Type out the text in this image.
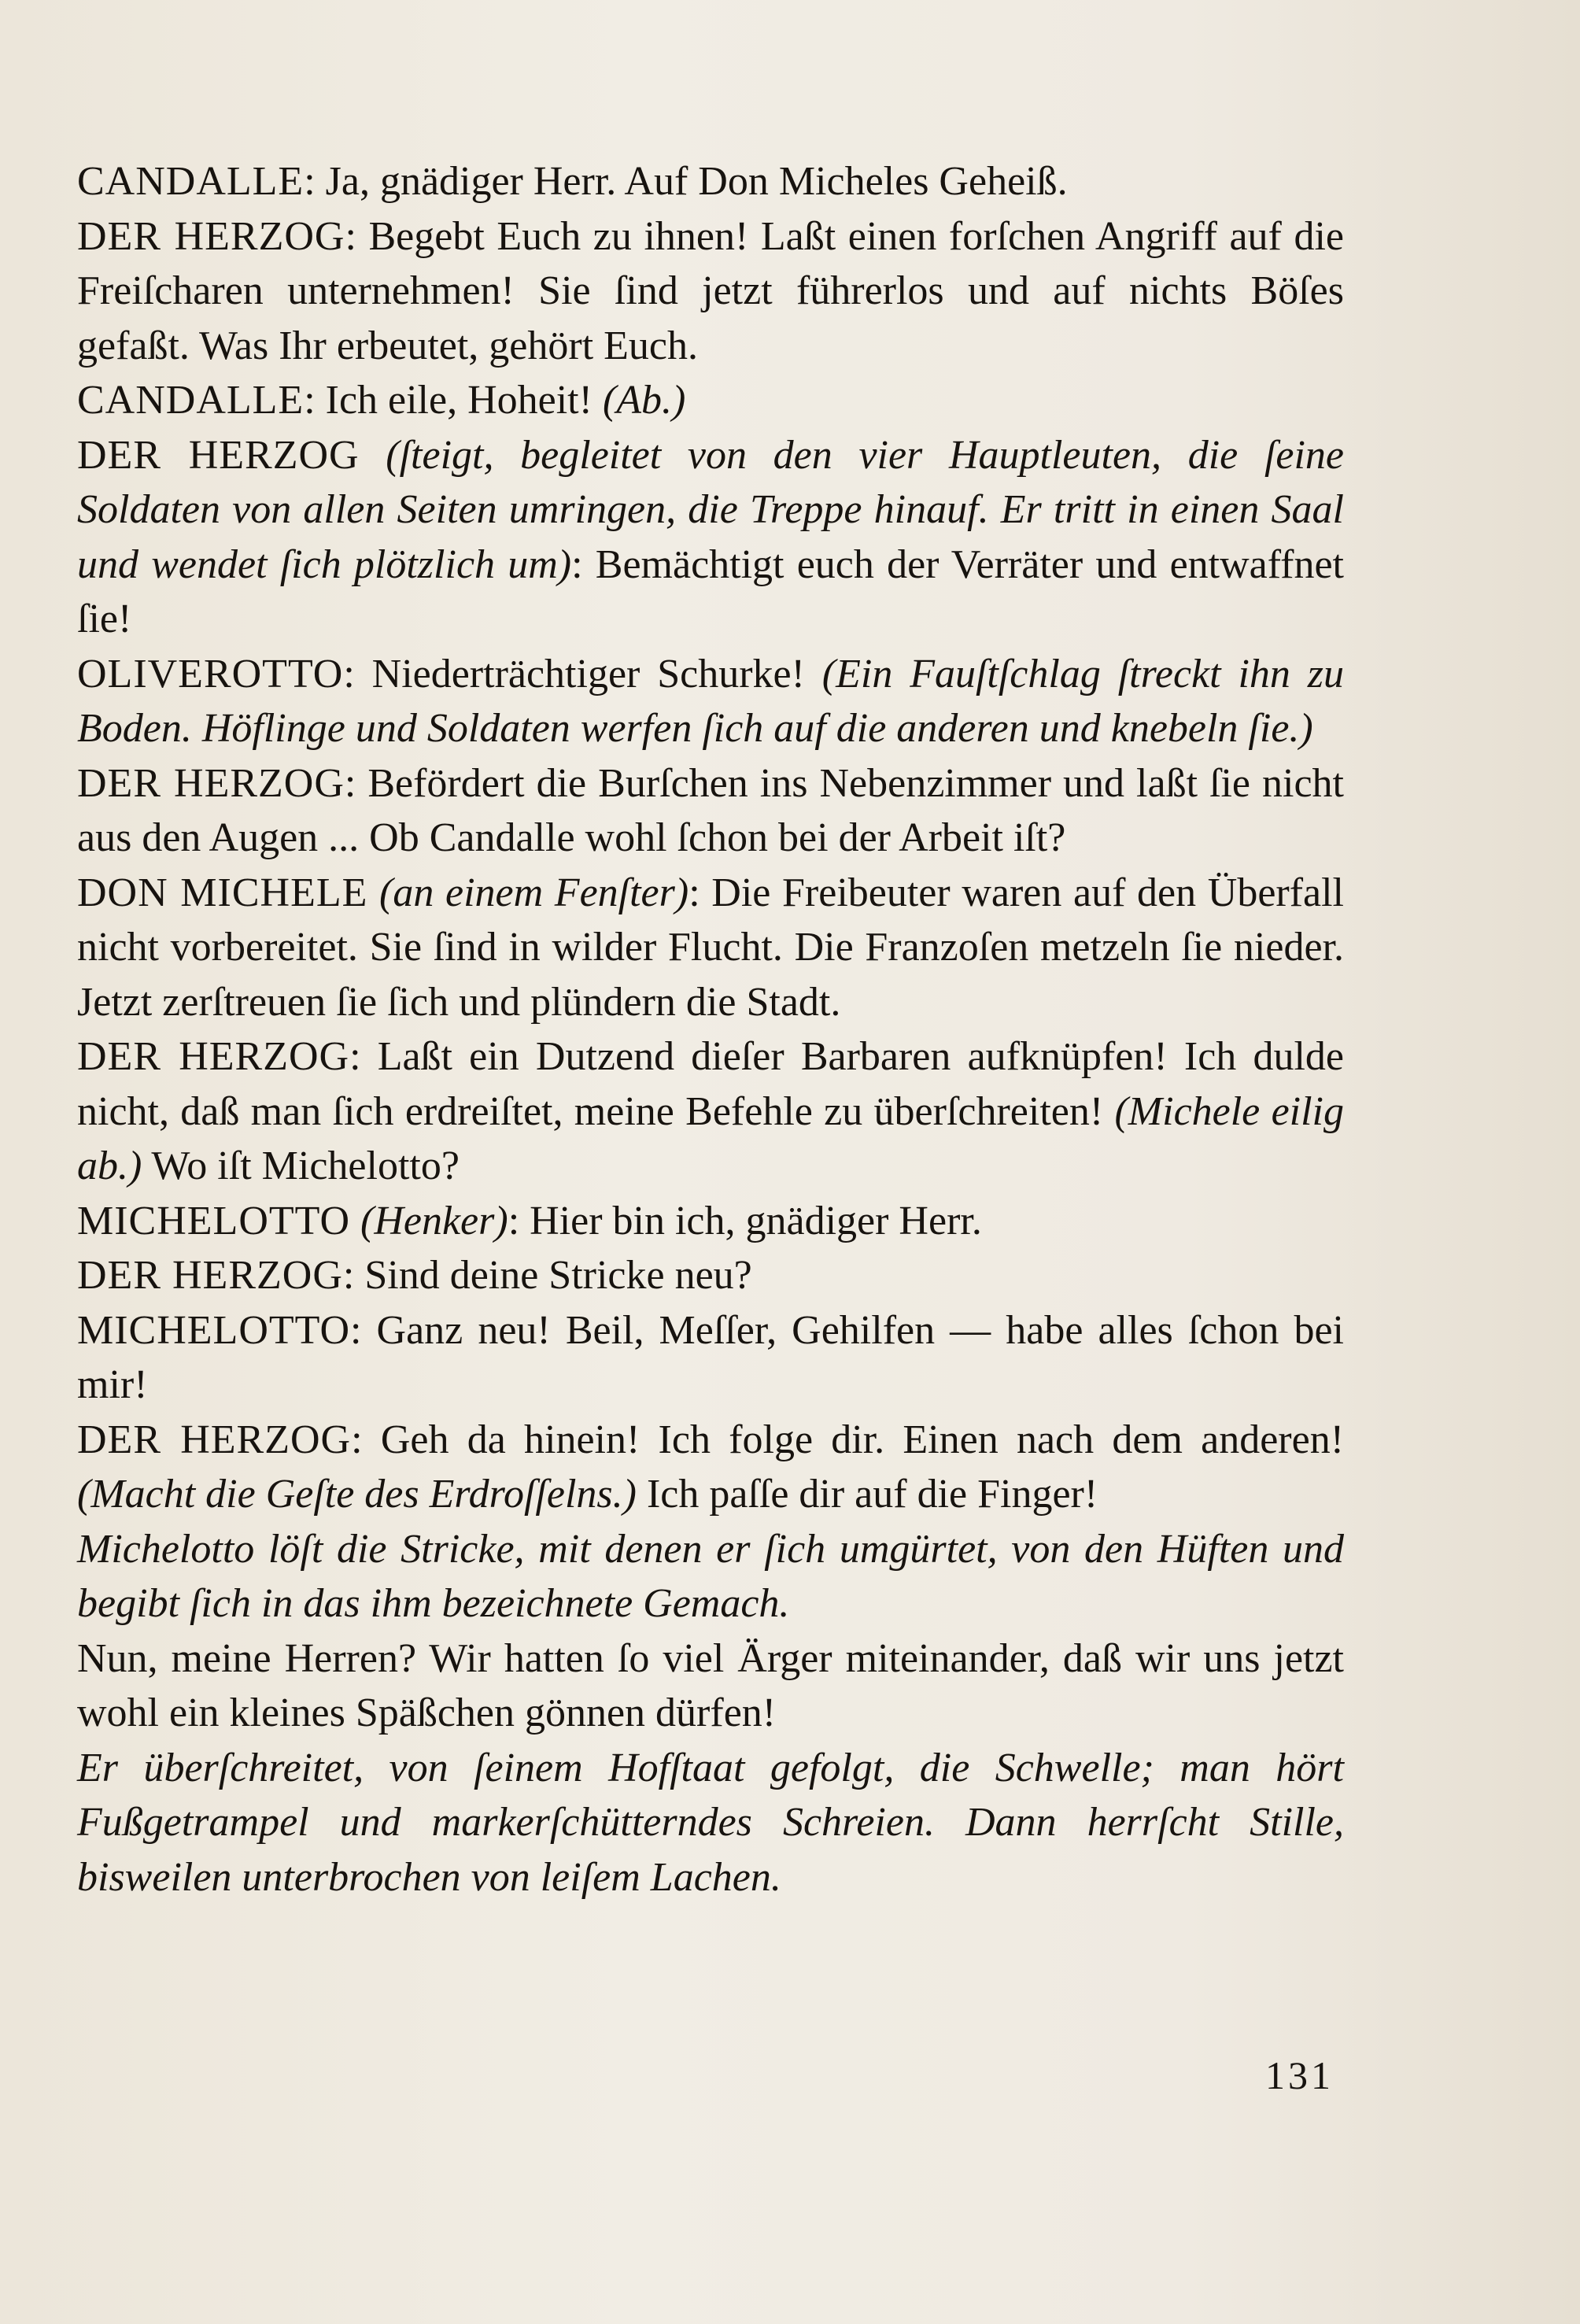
CANDALLE: Ja, gnädiger Herr. Auf Don Micheles Geheiß.

DER HERZOG: Begebt Euch zu ihnen! Laßt einen forſchen Angriff auf die Freiſcharen unternehmen! Sie ſind jetzt führerlos und auf nichts Böſes gefaßt. Was Ihr erbeutet, gehört Euch.

CANDALLE: Ich eile, Hoheit! (Ab.)

DER HERZOG (ſteigt, begleitet von den vier Hauptleuten, die ſeine Soldaten von allen Seiten umringen, die Treppe hinauf. Er tritt in einen Saal und wendet ſich plötzlich um): Bemächtigt euch der Verräter und entwaffnet ſie!

OLIVEROTTO: Niederträchtiger Schurke! (Ein Fauſtſchlag ſtreckt ihn zu Boden. Höflinge und Soldaten werfen ſich auf die anderen und knebeln ſie.)

DER HERZOG: Befördert die Burſchen ins Nebenzimmer und laßt ſie nicht aus den Augen ... Ob Candalle wohl ſchon bei der Arbeit iſt?

DON MICHELE (an einem Fenſter): Die Freibeuter waren auf den Überfall nicht vorbereitet. Sie ſind in wilder Flucht. Die Franzoſen metzeln ſie nieder. Jetzt zerſtreuen ſie ſich und plündern die Stadt.

DER HERZOG: Laßt ein Dutzend dieſer Barbaren aufknüpfen! Ich dulde nicht, daß man ſich erdreiſtet, meine Befehle zu überſchreiten! (Michele eilig ab.) Wo iſt Michelotto?

MICHELOTTO (Henker): Hier bin ich, gnädiger Herr.

DER HERZOG: Sind deine Stricke neu?

MICHELOTTO: Ganz neu! Beil, Meſſer, Gehilfen — habe alles ſchon bei mir!

DER HERZOG: Geh da hinein! Ich folge dir. Einen nach dem anderen! (Macht die Geſte des Erdroſſelns.) Ich paſſe dir auf die Finger!

Michelotto löſt die Stricke, mit denen er ſich umgürtet, von den Hüften und begibt ſich in das ihm bezeichnete Gemach.

Nun, meine Herren? Wir hatten ſo viel Ärger miteinander, daß wir uns jetzt wohl ein kleines Späßchen gönnen dürfen!

Er überſchreitet, von ſeinem Hofſtaat gefolgt, die Schwelle; man hört Fußgetrampel und markerſchütterndes Schreien. Dann herrſcht Stille, bisweilen unterbrochen von leiſem Lachen.

131
